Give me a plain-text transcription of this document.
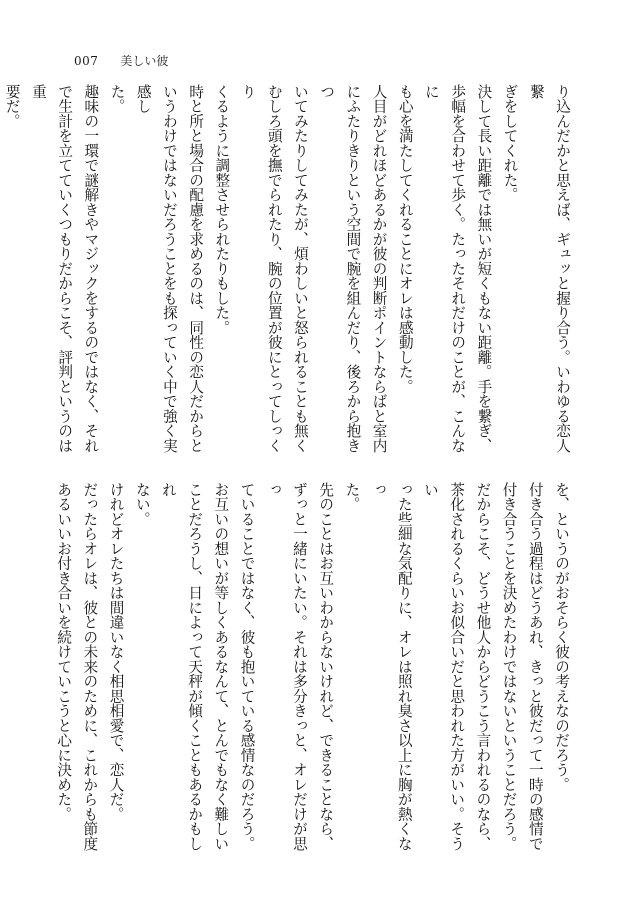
007 美しい彼

り込んだかと思えば、ギュッと握り合う。いわゆる恋人繋

ぎをしてくれた。

決して長い距離では無いが短くもない距離。手を繋ぎ、

歩幅を合わせて歩く。たったそれだけのことが、こんなに

も心を満たしてくれることにオレは感動した。

人目がどれほどあるかが彼の判断ポイントならばと室内

にふたりきりという空間で腕を組んだり、後ろから抱きつ

いてみたりしてみたが、煩わしいと怒られることも無く

むしろ頭を撫でられたり、腕の位置が彼にとってしっくり

くるように調整させられたりもした。

時と所と場合の配慮を求めるのは、同性の恋人だからと

いうわけではないだろうことをも探っていく中で強く実感し

た。

趣味の一環で謎解きやマジックをするのではなく、それ

で生計を立てていくつもりだからこそ、評判というのは重

要だ。

を、というのがおそらく彼の考えなのだろう。

付き合う過程はどうあれ、きっと彼だって一時の感情で

付き合うことを決めたわけではないということだろう。

だからこそ、どうせ他人からどうこう言われるのなら、

茶化されるくらいお似合いだと思われた方がいい。そうい

った些細な気配りに、オレは照れ臭さ以上に胸が熱くなっ

た。

先のことはお互いわからないけれど、できることなら、

ずっと一緒にいたい。それは多分きっと、オレだけが思っ

ていることではなく、彼も抱いている感情なのだろう。

お互いの想いが等しくあるなんて、とんでもなく難しい

ことだろうし、日によって天秤が傾くこともあるかもしれ

ない。

けれどオレたちは間違いなく相思相愛で、恋人だ。

だったらオレは、彼との未来のために、これからも節度

あるいいお付き合いを続けていこうと心に決めた。
